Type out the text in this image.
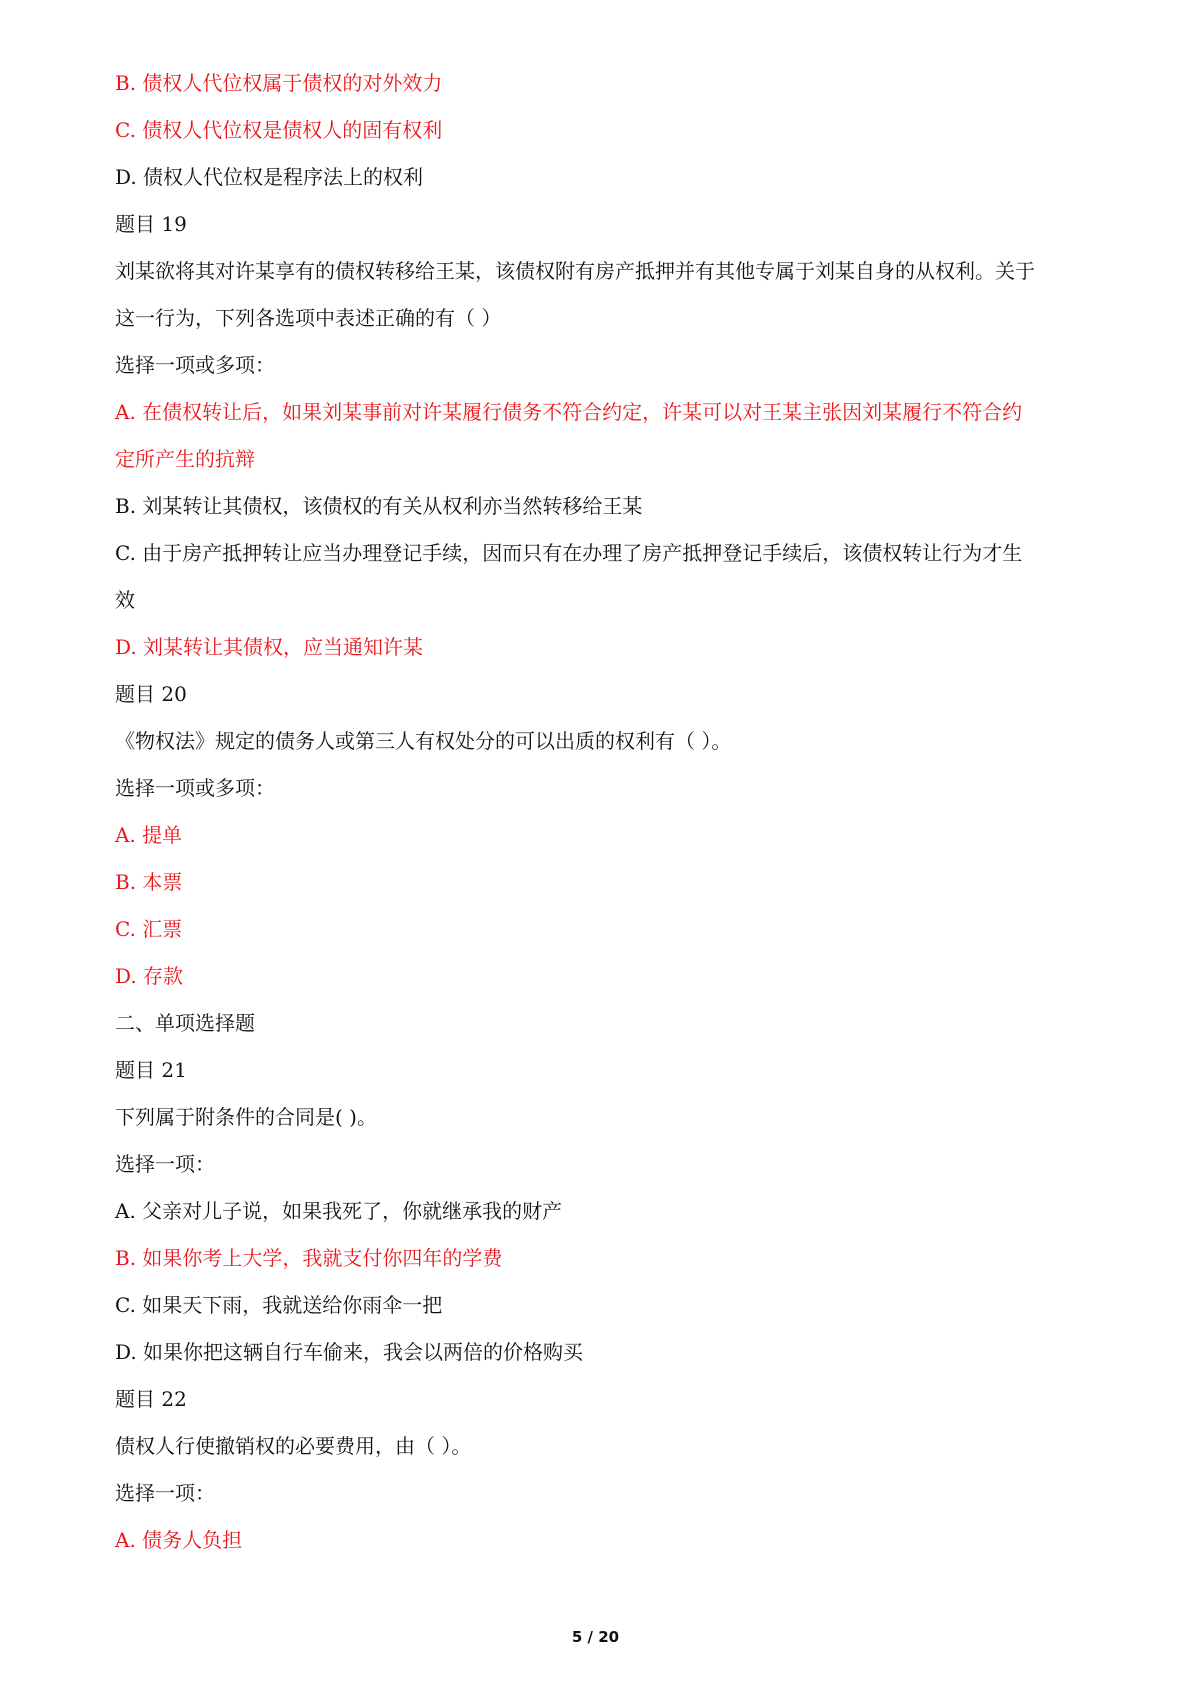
B. 债权人代位权属于债权的对外效力
C. 债权人代位权是债权人的固有权利
D. 债权人代位权是程序法上的权利
题目 19
刘某欲将其对许某享有的债权转移给王某，该债权附有房产抵押并有其他专属于刘某自身的从权利。关于
这一行为，下列各选项中表述正确的有（ ）
选择一项或多项：
A. 在债权转让后，如果刘某事前对许某履行债务不符合约定，许某可以对王某主张因刘某履行不符合约
定所产生的抗辩
B. 刘某转让其债权，该债权的有关从权利亦当然转移给王某
C. 由于房产抵押转让应当办理登记手续，因而只有在办理了房产抵押登记手续后，该债权转让行为才生
效
D. 刘某转让其债权，应当通知许某
题目 20
《物权法》规定的债务人或第三人有权处分的可以出质的权利有（ ）。
选择一项或多项：
A. 提单
B. 本票
C. 汇票
D. 存款
二、单项选择题
题目 21
下列属于附条件的合同是( )。
选择一项：
A. 父亲对儿子说，如果我死了，你就继承我的财产
B. 如果你考上大学，我就支付你四年的学费
C. 如果天下雨，我就送给你雨伞一把
D. 如果你把这辆自行车偷来，我会以两倍的价格购买
题目 22
债权人行使撤销权的必要费用，由（ ）。
选择一项：
A. 债务人负担
5 / 20
